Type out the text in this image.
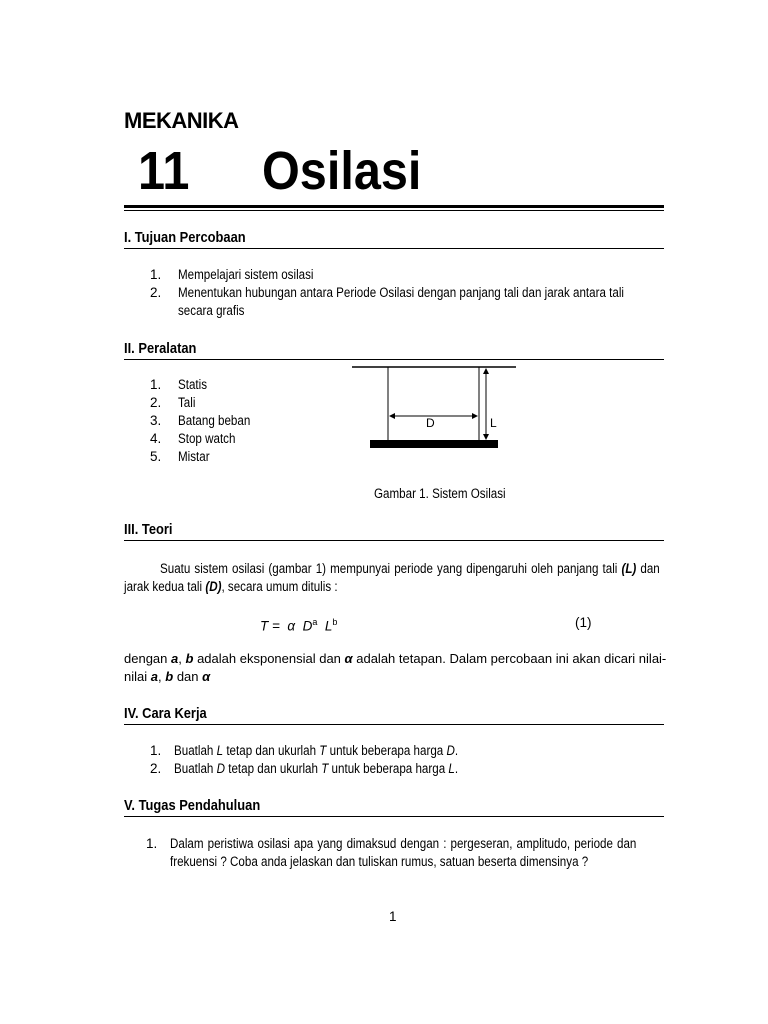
MEKANIKA
11 Osilasi
I. Tujuan Percobaan
1. Mempelajari sistem osilasi
2. Menentukan hubungan antara Periode Osilasi dengan panjang tali dan jarak antara tali
secara grafis
II. Peralatan
1. Statis
2. Tali
3. Batang beban
4. Stop watch
5. Mistar
D	L
Gambar 1. Sistem Osilasi
III. Teori
Suatu sistem osilasi (gambar 1) mempunyai periode yang dipengaruhi oleh panjang tali (L) dan
jarak kedua tali (D), secara umum ditulis :
T = α $D^a$ $L^b$	(1)
dengan a, b adalah eksponensial dan α adalah tetapan. Dalam percobaan ini akan dicari nilai-
nilai a, b dan α
IV. Cara Kerja
1. Buatlah L tetap dan ukurlah T untuk beberapa harga D.
2. Buatlah D tetap dan ukurlah T untuk beberapa harga L.
V. Tugas Pendahuluan
1. Dalam peristiwa osilasi apa yang dimaksud dengan : pergeseran, amplitudo, periode dan
frekuensi ? Coba anda jelaskan dan tuliskan rumus, satuan beserta dimensinya ?
1
